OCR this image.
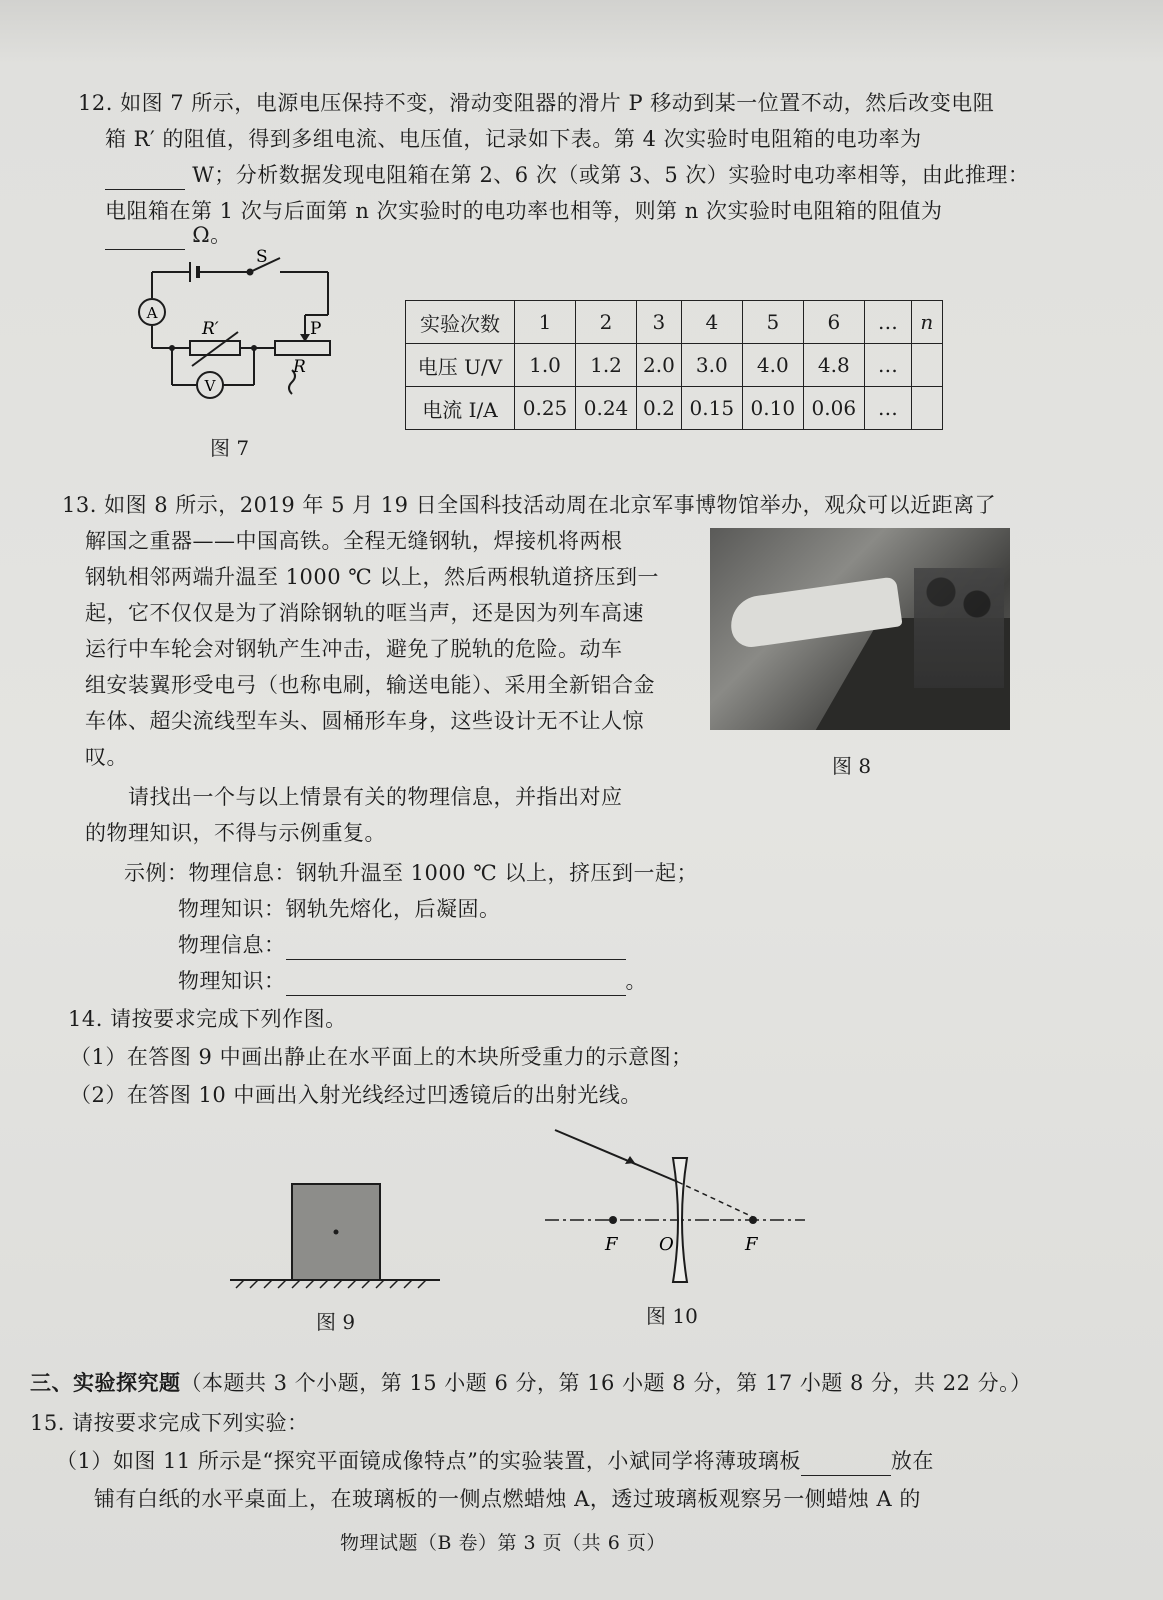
12. 如图 7 所示，电源电压保持不变，滑动变阻器的滑片 P 移动到某一位置不动，然后改变电阻
箱 R′ 的阻值，得到多组电流、电压值，记录如下表。第 4 次实验时电阻箱的电功率为
W；分析数据发现电阻箱在第 2、6 次（或第 3、5 次）实验时电功率相等，由此推理：
电阻箱在第 1 次与后面第 n 次实验时的电功率也相等，则第 n 次实验时电阻箱的阻值为
Ω。
A
V
S
R′	P
R
图 7
实验次数	1	2	3	4	5	6	…	n
电压 U/V	1.0	1.2	2.0	3.0	4.0	4.8	…	
电流 I/A	0.25	0.24	0.2	0.15	0.10	0.06	…	
13. 如图 8 所示，2019 年 5 月 19 日全国科技活动周在北京军事博物馆举办，观众可以近距离了
解国之重器——中国高铁。全程无缝钢轨，焊接机将两根
钢轨相邻两端升温至 1000 ℃ 以上，然后两根轨道挤压到一
起，它不仅仅是为了消除钢轨的哐当声，还是因为列车高速
运行中车轮会对钢轨产生冲击，避免了脱轨的危险。动车
组安装翼形受电弓（也称电刷，输送电能）、采用全新铝合金
车体、超尖流线型车头、圆桶形车身，这些设计无不让人惊
叹。	图 8
请找出一个与以上情景有关的物理信息，并指出对应
的物理知识，不得与示例重复。
示例：物理信息：钢轨升温至 1000 ℃ 以上，挤压到一起；
物理知识：钢轨先熔化，后凝固。
物理信息：
物理知识：	。
14. 请按要求完成下列作图。
（1）在答图 9 中画出静止在水平面上的木块所受重力的示意图；
（2）在答图 10 中画出入射光线经过凹透镜后的出射光线。
图 9
F O	F
图 10
三、实验探究题（本题共 3 个小题，第 15 小题 6 分，第 16 小题 8 分，第 17 小题 8 分，共 22 分。）
15. 请按要求完成下列实验：
（1）如图 11 所示是“探究平面镜成像特点”的实验装置，小斌同学将薄玻璃板	放在
铺有白纸的水平桌面上，在玻璃板的一侧点燃蜡烛 A，透过玻璃板观察另一侧蜡烛 A 的
物理试题（B 卷）第 3 页（共 6 页）
